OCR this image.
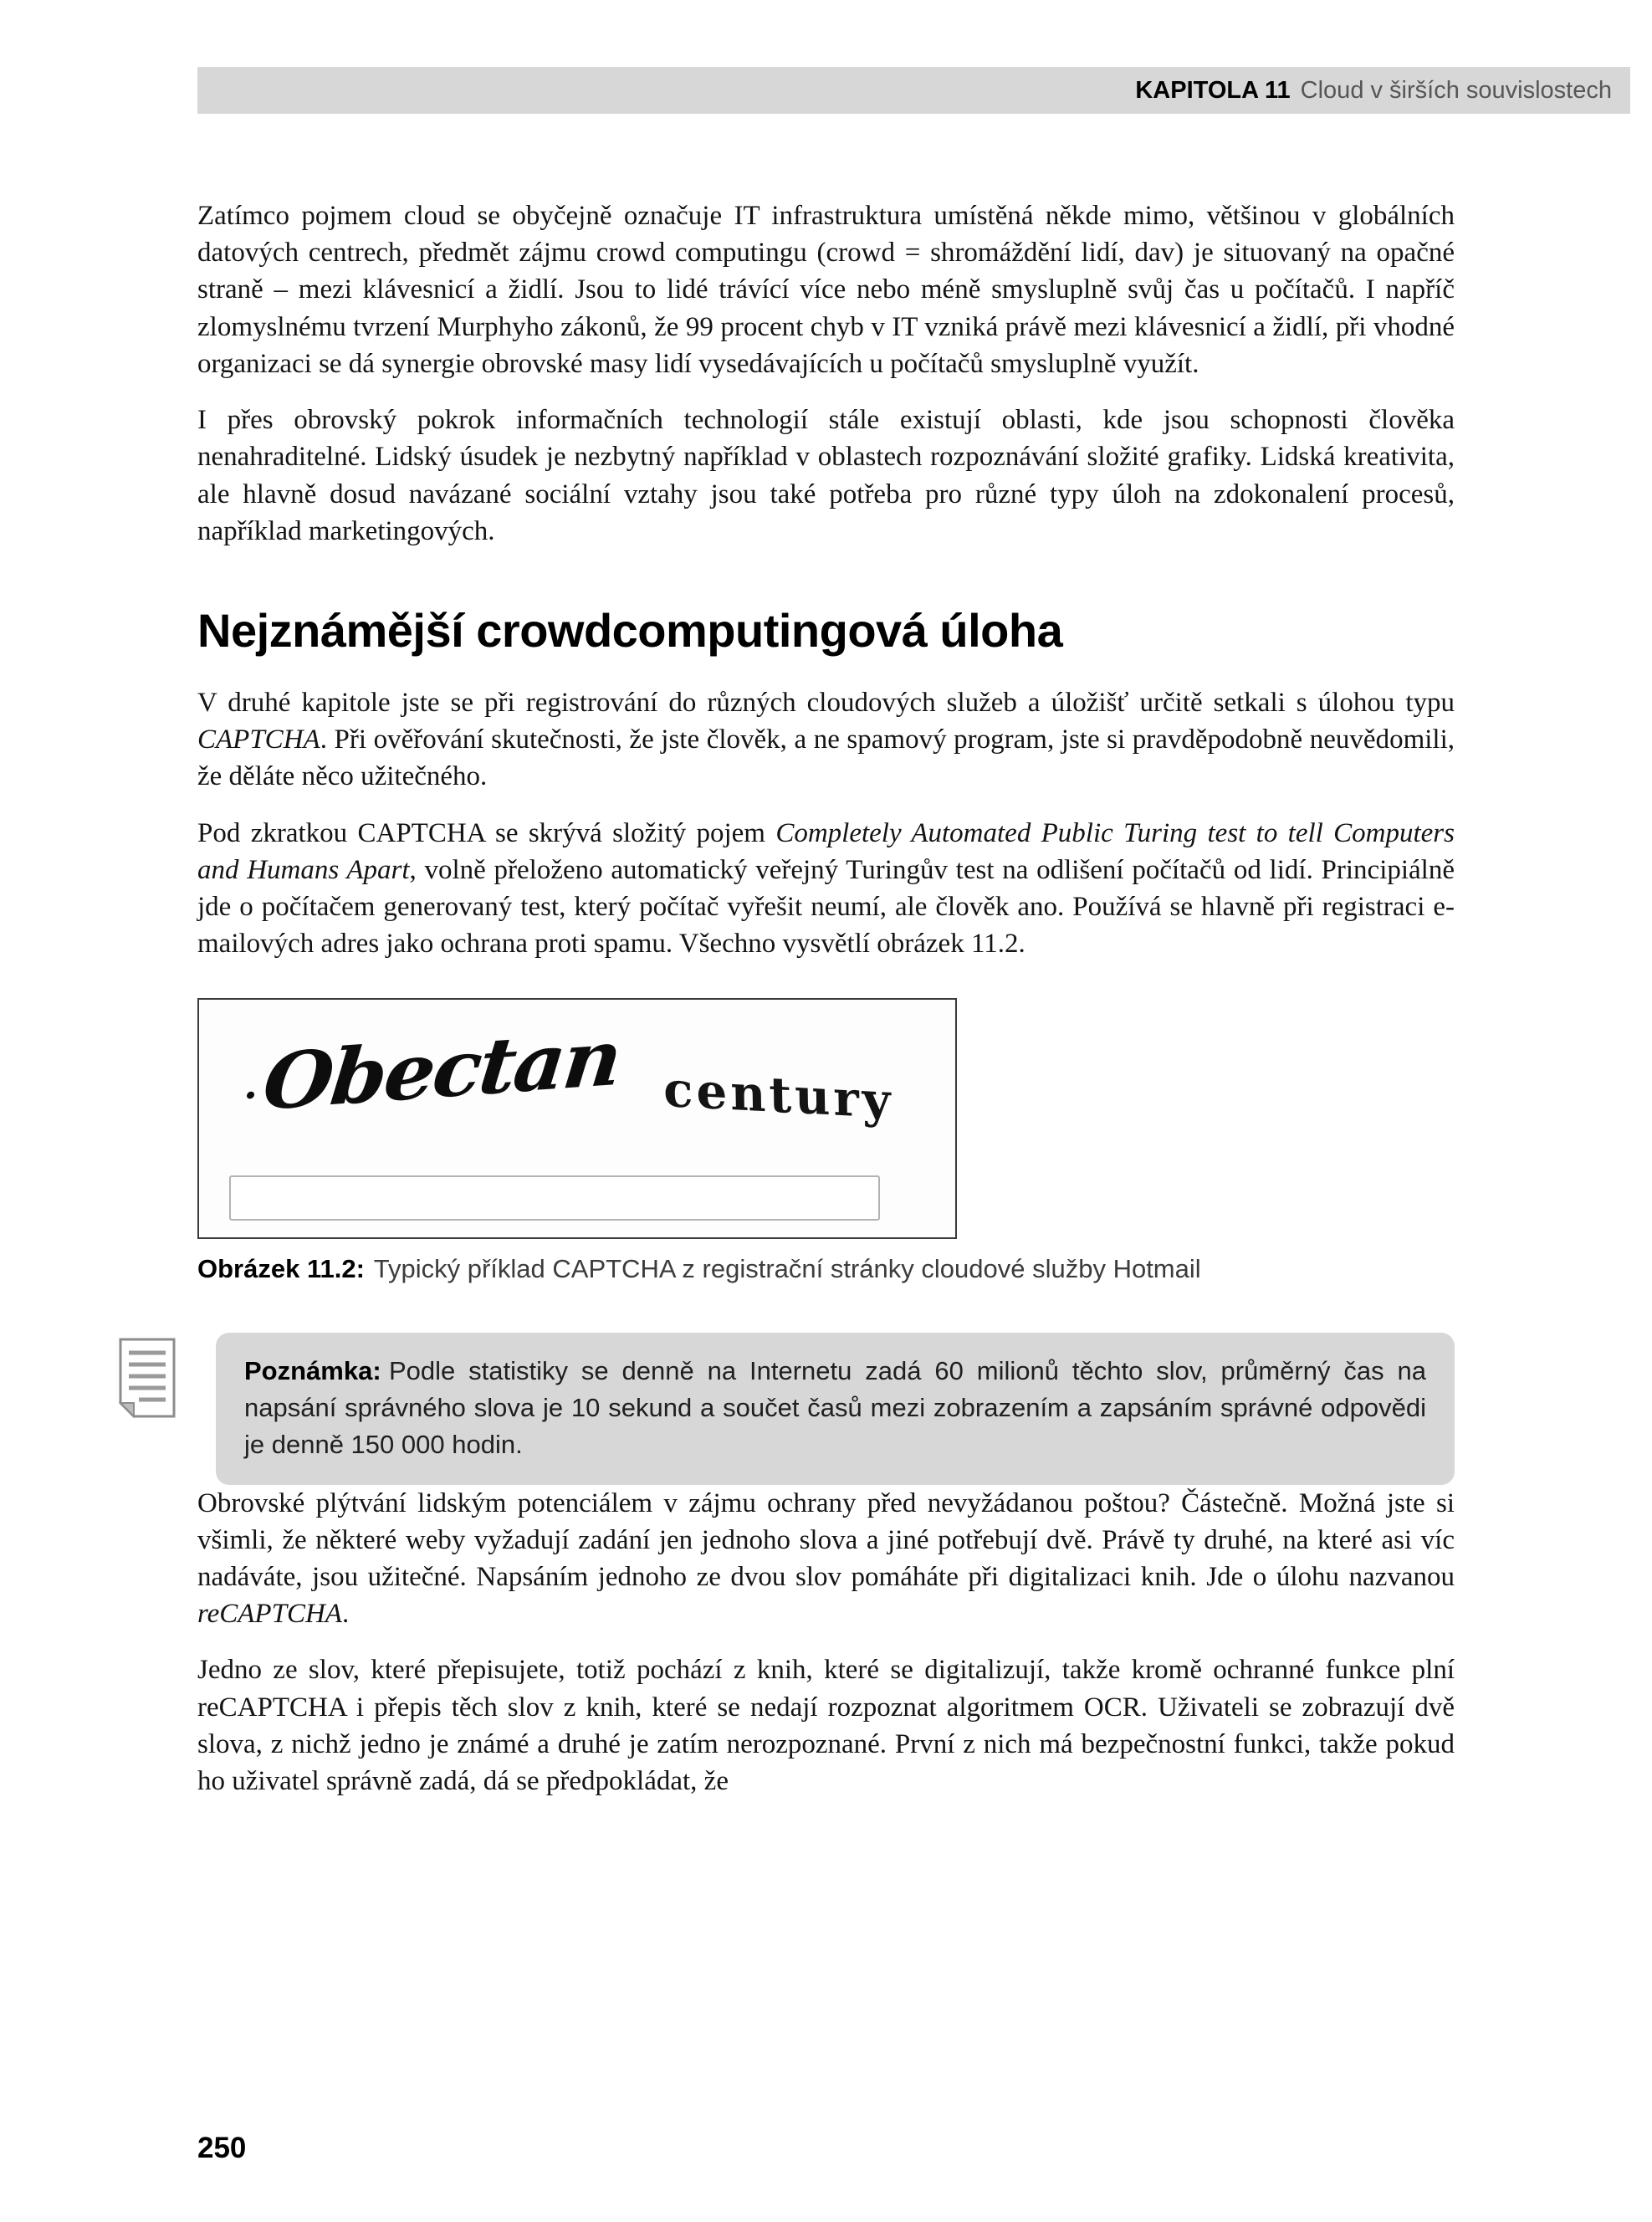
KAPITOLA 11 Cloud v širších souvislostech

Zatímco pojmem cloud se obyčejně označuje IT infrastruktura umístěná někde mimo, většinou v globálních datových centrech, předmět zájmu crowd computingu (crowd = shromáždění lidí, dav) je situovaný na opačné straně – mezi klávesnicí a židlí. Jsou to lidé trávící více nebo méně smysluplně svůj čas u počítačů. I napříč zlomyslnému tvrzení Murphyho zákonů, že 99 procent chyb v IT vzniká právě mezi klávesnicí a židlí, při vhodné organizaci se dá synergie obrovské masy lidí vysedávajících u počítačů smysluplně využít.

I přes obrovský pokrok informačních technologií stále existují oblasti, kde jsou schopnosti člověka nenahraditelné. Lidský úsudek je nezbytný například v oblastech rozpoznávání složité grafiky. Lidská kreativita, ale hlavně dosud navázané sociální vztahy jsou také potřeba pro různé typy úloh na zdokonalení procesů, například marketingových.

Nejznámější crowdcomputingová úloha

V druhé kapitole jste se při registrování do různých cloudových služeb a úložišť určitě setkali s úlohou typu CAPTCHA. Při ověřování skutečnosti, že jste člověk, a ne spamový program, jste si pravděpodobně neuvědomili, že děláte něco užitečného.

Pod zkratkou CAPTCHA se skrývá složitý pojem Completely Automated Public Turing test to tell Computers and Humans Apart, volně přeloženo automatický veřejný Turingův test na odlišení počítačů od lidí. Principiálně jde o počítačem generovaný test, který počítač vyřešit neumí, ale člověk ano. Používá se hlavně při registraci e-mailových adres jako ochrana proti spamu. Všechno vysvětlí obrázek 11.2.

Obectan century
Obrázek 11.2: Typický příklad CAPTCHA z registrační stránky cloudové služby Hotmail
Poznámka: Podle statistiky se denně na Internetu zadá 60 milionů těchto slov, průměrný čas na napsání správného slova je 10 sekund a součet časů mezi zobrazením a zapsáním správné odpovědi je denně 150 000 hodin.

Obrovské plýtvání lidským potenciálem v zájmu ochrany před nevyžádanou poštou? Částečně. Možná jste si všimli, že některé weby vyžadují zadání jen jednoho slova a jiné potřebují dvě. Právě ty druhé, na které asi víc nadáváte, jsou užitečné. Napsáním jednoho ze dvou slov pomáháte při digitalizaci knih. Jde o úlohu nazvanou reCAPTCHA.

Jedno ze slov, které přepisujete, totiž pochází z knih, které se digitalizují, takže kromě ochranné funkce plní reCAPTCHA i přepis těch slov z knih, které se nedají rozpoznat algoritmem OCR. Uživateli se zobrazují dvě slova, z nichž jedno je známé a druhé je zatím nerozpoznané. První z nich má bezpečnostní funkci, takže pokud ho uživatel správně zadá, dá se předpokládat, že

250
